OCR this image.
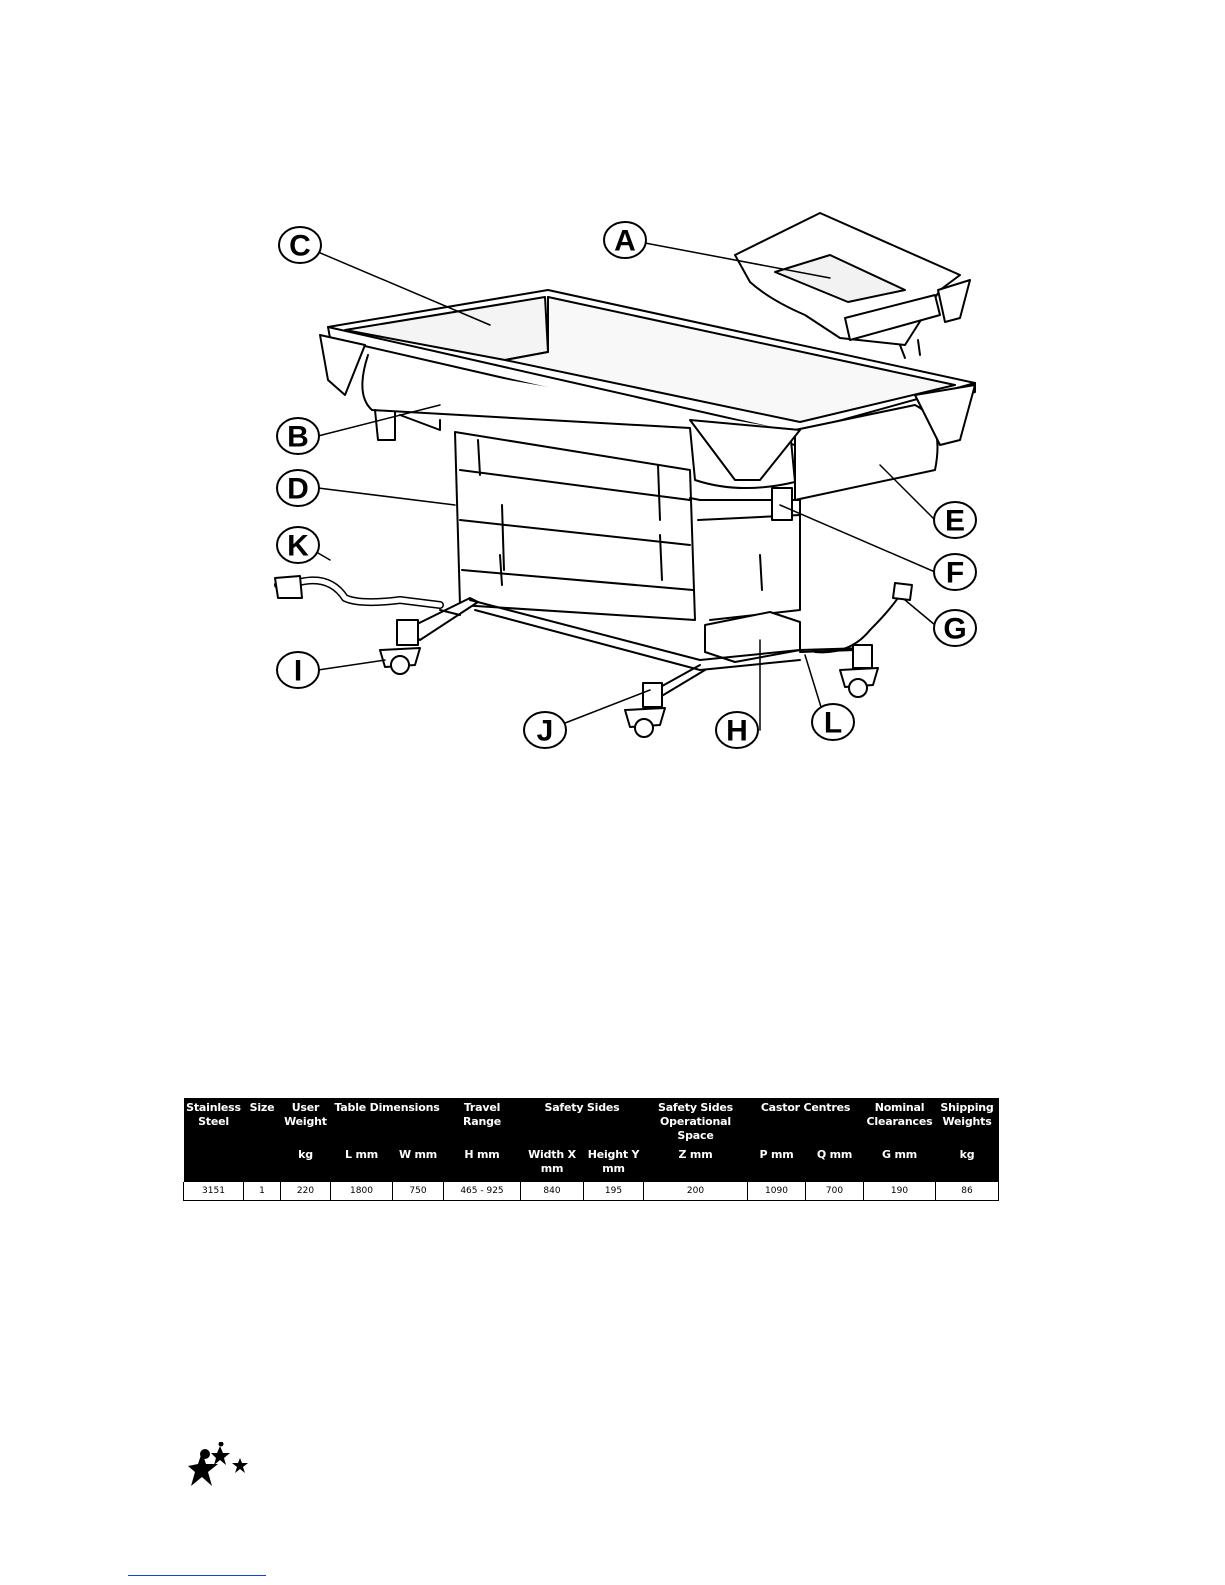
A
B
C
D
E
F
G
H
I
J
K
L
Stainless Steel	Size	User Weight	Table Dimensions		Travel Range	Safety Sides		Safety Sides Operational Space	Castor Centres		Nominal Clearances	Shipping Weights
		kg	L mm	W mm	H mm	Width X mm	Height Y mm	Z mm	P mm	Q mm	G mm	kg
3151	1	220	1800	750	465 - 925	840	195	200	1090	700	190	86
